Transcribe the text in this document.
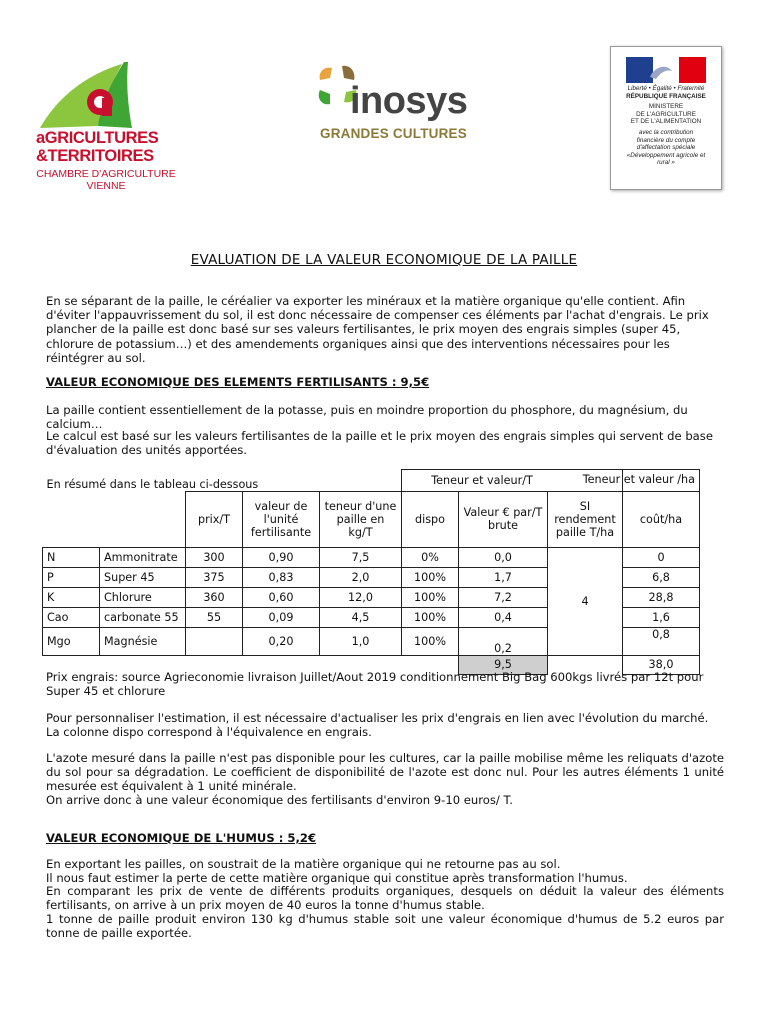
aGRICULTURES
&TERRITOIRES
CHAMBRE D'AGRICULTURE
VIENNE
inosys
GRANDES CULTURES
Liberté • Égalité • Fraternité
RÉPUBLIQUE FRANÇAISE
MINISTERE
DE L'AGRICULTURE
ET DE L'ALIMENTATION
avec la contribution
financière du compte
d'affectation spéciale
«Développement agricole et
rural »
EVALUATION DE LA VALEUR ECONOMIQUE DE LA PAILLE
En se séparant de la paille, le céréalier va exporter les minéraux et la matière organique qu'elle contient. Afin d'éviter l'appauvrissement du sol, il est donc nécessaire de compenser ces éléments par l'achat d'engrais. Le prix plancher de la paille est donc basé sur ses valeurs fertilisantes, le prix moyen des engrais simples (super 45, chlorure de potassium…) et des amendements organiques ainsi que des interventions nécessaires pour les réintégrer au sol.
VALEUR ECONOMIQUE DES ELEMENTS FERTILISANTS : 9,5€
La paille contient essentiellement de la potasse, puis en moindre proportion du phosphore, du magnésium, du calcium…
Le calcul est basé sur les valeurs fertilisantes de la paille et le prix moyen des engrais simples qui servent de base d'évaluation des unités apportées.
En résumé dans le tableau ci-dessous					Teneur et valeur/T			Teneur et valeur /ha

		prix/T	valeur de l'unité fertilisante	teneur d'une paille en kg/T	dispo	Valeur € par/T brute	SI rendement paille T/ha	coût/ha
N	Ammonitrate	300	0,90	7,5	0%	0,0	4	0
P	Super 45	375	0,83	2,0	100%	1,7		6,8
K	Chlorure	360	0,60	12,0	100%	7,2		28,8
Cao	carbonate 55	55	0,09	4,5	100%	0,4		1,6
Mgo	Magnésie		0,20	1,0	100%	0,2		0,8
						9,5		38,0
Prix engrais: source Agrieconomie livraison Juillet/Aout 2019 conditionnement Big Bag 600kgs livrés par 12t pour Super 45 et chlorure
Pour personnaliser l'estimation, il est nécessaire d'actualiser les prix d'engrais en lien avec l'évolution du marché.
La colonne dispo correspond à l'équivalence en engrais.
L'azote mesuré dans la paille n'est pas disponible pour les cultures, car la paille mobilise même les reliquats d'azote du sol pour sa dégradation. Le coefficient de disponibilité de l'azote est donc nul. Pour les autres éléments 1 unité mesurée est équivalent à 1 unité minérale.
On arrive donc à une valeur économique des fertilisants d'environ 9-10 euros/ T.
VALEUR ECONOMIQUE DE L'HUMUS : 5,2€
En exportant les pailles, on soustrait de la matière organique qui ne retourne pas au sol.
Il nous faut estimer la perte de cette matière organique qui constitue après transformation l'humus.
En comparant les prix de vente de différents produits organiques, desquels on déduit la valeur des éléments fertilisants, on arrive à un prix moyen de 40 euros la tonne d'humus stable.
1 tonne de paille produit environ 130 kg d'humus stable soit une valeur économique d'humus de 5.2 euros par tonne de paille exportée.
